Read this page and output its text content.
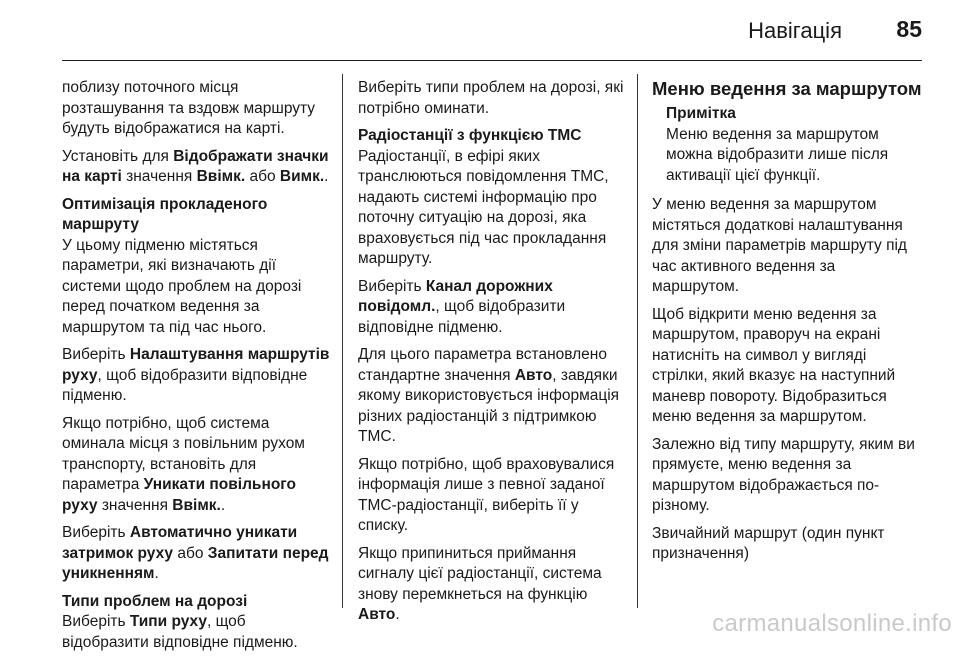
Навігація 85

поблизу поточного місця розташування та вздовж маршруту будуть відображатися на карті.

Установіть для Відображати значки на карті значення Ввімк. або Вимк..

Оптимізація прокладеного маршруту
У цьому підменю містяться параметри, які визначають дії системи щодо проблем на дорозі перед початком ведення за маршрутом та під час нього.

Виберіть Налаштування маршрутів руху, щоб відобразити відповідне підменю.

Якщо потрібно, щоб система оминала місця з повільним рухом транспорту, встановіть для параметра Уникати повільного руху значення Ввімк..

Виберіть Автоматично уникати затримок руху або Запитати перед уникненням.

Типи проблем на дорозі
Виберіть Типи руху, щоб відобразити відповідне підменю.

Виберіть типи проблем на дорозі, які потрібно оминати.

Радіостанції з функцією ТМС
Радіостанції, в ефірі яких транслюються повідомлення ТМС, надають системі інформацію про поточну ситуацію на дорозі, яка враховується під час прокладання маршруту.

Виберіть Канал дорожних повідомл., щоб відобразити відповідне підменю.

Для цього параметра встановлено стандартне значення Авто, завдяки якому використовується інформація різних радіостанцій з підтримкою ТМС.

Якщо потрібно, щоб враховувалися інформація лише з певної заданої ТМС-радіостанції, виберіть її у списку.

Якщо припиниться приймання сигналу цієї радіостанції, система знову перемкнеться на функцію Авто.

Меню ведення за маршрутом
Примітка
Меню ведення за маршрутом можна відобразити лише після активації цієї функції.

У меню ведення за маршрутом містяться додаткові налаштування для зміни параметрів маршруту під час активного ведення за маршрутом.

Щоб відкрити меню ведення за маршрутом, праворуч на екрані натисніть на символ у вигляді стрілки, який вказує на наступний маневр повороту. Відобразиться меню ведення за маршрутом.

Залежно від типу маршруту, яким ви прямуєте, меню ведення за маршрутом відображається по-різному.

Звичайний маршрут (один пункт призначення)

carmanualsonline.info
